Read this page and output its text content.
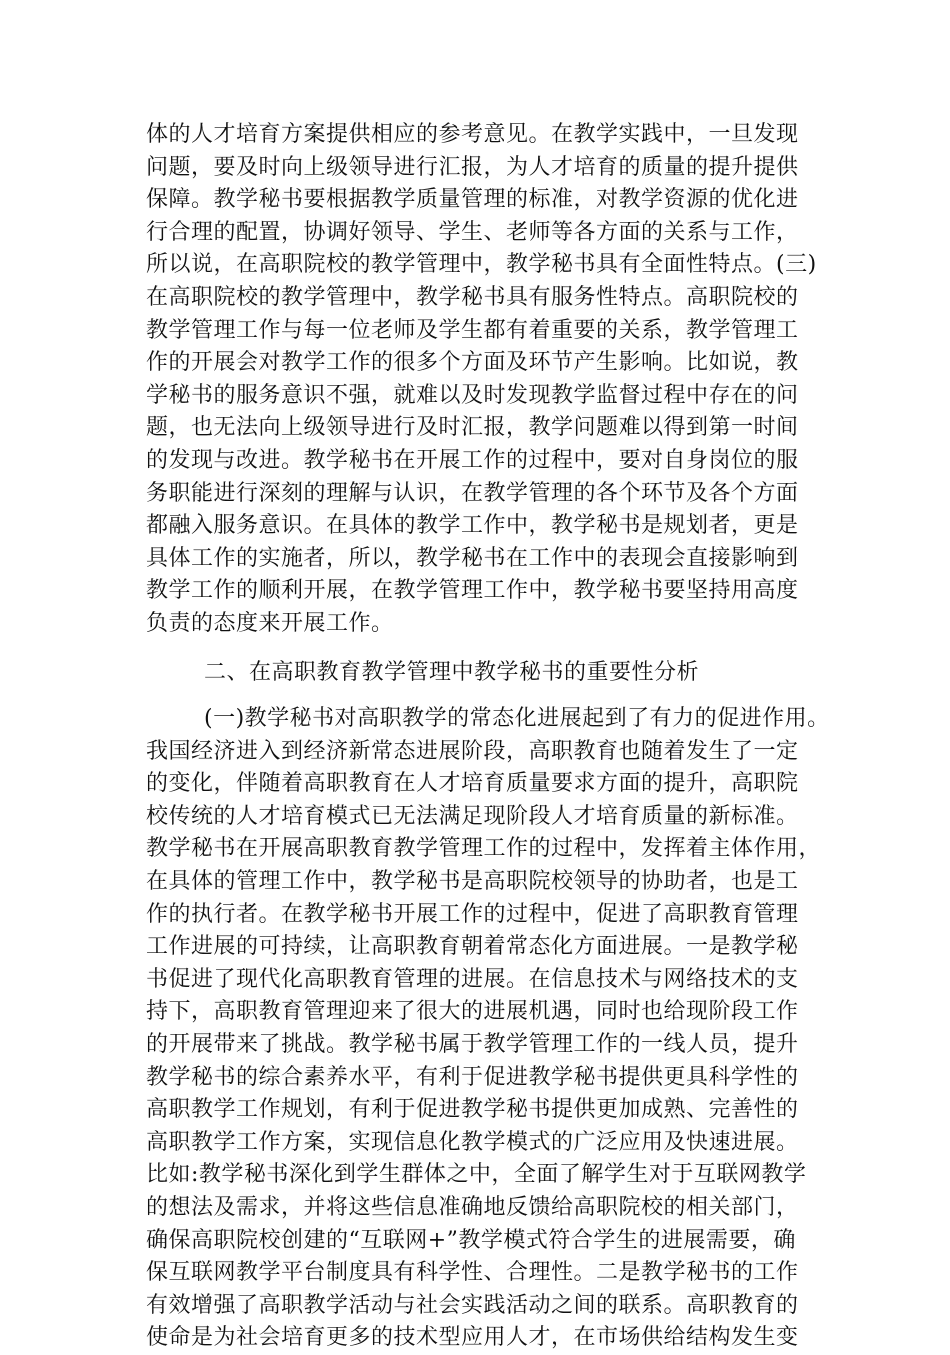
体的人才培育方案提供相应的参考意见。在教学实践中，一旦发现
问题，要及时向上级领导进行汇报，为人才培育的质量的提升提供
保障。教学秘书要根据教学质量管理的标准，对教学资源的优化进
行合理的配置，协调好领导、学生、老师等各方面的关系与工作，
所以说，在高职院校的教学管理中，教学秘书具有全面性特点。(三)
在高职院校的教学管理中，教学秘书具有服务性特点。高职院校的
教学管理工作与每一位老师及学生都有着重要的关系，教学管理工
作的开展会对教学工作的很多个方面及环节产生影响。比如说，教
学秘书的服务意识不强，就难以及时发现教学监督过程中存在的问
题，也无法向上级领导进行及时汇报，教学问题难以得到第一时间
的发现与改进。教学秘书在开展工作的过程中，要对自身岗位的服
务职能进行深刻的理解与认识，在教学管理的各个环节及各个方面
都融入服务意识。在具体的教学工作中，教学秘书是规划者，更是
具体工作的实施者，所以，教学秘书在工作中的表现会直接影响到
教学工作的顺利开展，在教学管理工作中，教学秘书要坚持用高度
负责的态度来开展工作。
二、在高职教育教学管理中教学秘书的重要性分析
(一)教学秘书对高职教学的常态化进展起到了有力的促进作用。
我国经济进入到经济新常态进展阶段，高职教育也随着发生了一定
的变化，伴随着高职教育在人才培育质量要求方面的提升，高职院
校传统的人才培育模式已无法满足现阶段人才培育质量的新标准。
教学秘书在开展高职教育教学管理工作的过程中，发挥着主体作用，
在具体的管理工作中，教学秘书是高职院校领导的协助者，也是工
作的执行者。在教学秘书开展工作的过程中，促进了高职教育管理
工作进展的可持续，让高职教育朝着常态化方面进展。一是教学秘
书促进了现代化高职教育管理的进展。在信息技术与网络技术的支
持下，高职教育管理迎来了很大的进展机遇，同时也给现阶段工作
的开展带来了挑战。教学秘书属于教学管理工作的一线人员，提升
教学秘书的综合素养水平，有利于促进教学秘书提供更具科学性的
高职教学工作规划，有利于促进教学秘书提供更加成熟、完善性的
高职教学工作方案，实现信息化教学模式的广泛应用及快速进展。
比如:教学秘书深化到学生群体之中，全面了解学生对于互联网教学
的想法及需求，并将这些信息准确地反馈给高职院校的相关部门，
确保高职院校创建的“互联网+”教学模式符合学生的进展需要，确
保互联网教学平台制度具有科学性、合理性。二是教学秘书的工作
有效增强了高职教学活动与社会实践活动之间的联系。高职教育的
使命是为社会培育更多的技术型应用人才，在市场供给结构发生变
